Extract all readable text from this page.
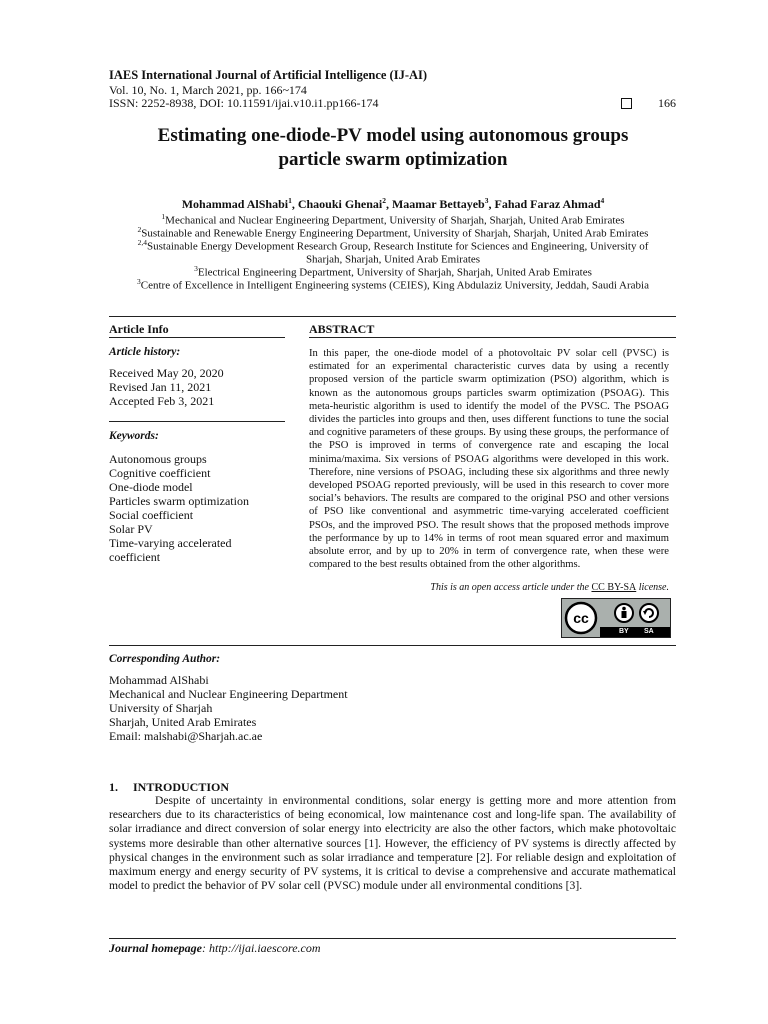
IAES International Journal of Artificial Intelligence (IJ-AI)
Vol. 10, No. 1, March 2021, pp. 166~174
ISSN: 2252-8938, DOI: 10.11591/ijai.v10.i1.pp166-174	166
Estimating one-diode-PV model using autonomous groups
particle swarm optimization
Mohammad AlShabi$^1$, Chaouki Ghenai$^2$, Maamar Bettayeb$^3$, Fahad Faraz Ahmad$^4$
$^1$Mechanical and Nuclear Engineering Department, University of Sharjah, Sharjah, United Arab Emirates
$^2$Sustainable and Renewable Energy Engineering Department, University of Sharjah, Sharjah, United Arab Emirates
$^{2,4}$Sustainable Energy Development Research Group, Research Institute for Sciences and Engineering, University of
Sharjah, Sharjah, United Arab Emirates
$^3$Electrical Engineering Department, University of Sharjah, Sharjah, United Arab Emirates
$^3$Centre of Excellence in Intelligent Engineering systems (CEIES), King Abdulaziz University, Jeddah, Saudi Arabia
Article Info	ABSTRACT
Article history:
Received May 20, 2020
Revised Jan 11, 2021
Accepted Feb 3, 2021
Keywords:
Autonomous groups
Cognitive coefficient
One-diode model
Particles swarm optimization
Social coefficient
Solar PV
Time-varying accelerated
coefficient
In this paper, the one-diode model of a photovoltaic PV solar cell (PVSC) is estimated for an experimental characteristic curves data by using a recently proposed version of the particle swarm optimization (PSO) algorithm, which is known as the autonomous groups particles swarm optimization (PSOAG). This meta-heuristic algorithm is used to identify the model of the PVSC. The PSOAG divides the particles into groups and then, uses different functions to tune the social and cognitive parameters of these groups. By using these groups, the performance of the PSO is improved in terms of convergence rate and escaping the local minima/maxima. Six versions of PSOAG algorithms were developed in this work. Therefore, nine versions of PSOAG, including these six algorithms and three newly developed PSOAG reported previously, will be used in this research to cover more social’s behaviors. The results are compared to the original PSO and other versions of PSO like conventional and asymmetric time-varying accelerated coefficient PSOs, and the improved PSO. The result shows that the proposed methods improve the performance by up to 14% in terms of root mean squared error and maximum absolute error, and by up to 20% in term of convergence rate, when these were compared to the best results obtained from the other algorithms.
This is an open access article under the CC BY-SA license.
cc
BY SA
Corresponding Author:
Mohammad AlShabi
Mechanical and Nuclear Engineering Department
University of Sharjah
Sharjah, United Arab Emirates
Email: malshabi@Sharjah.ac.ae
1.     INTRODUCTION
Despite of uncertainty in environmental conditions, solar energy is getting more and more attention from researchers due to its characteristics of being economical, low maintenance cost and long-life span. The availability of solar irradiance and direct conversion of solar energy into electricity are also the other factors, which make photovoltaic systems more desirable than other alternative sources [1]. However, the efficiency of PV systems is directly affected by physical changes in the environment such as solar irradiance and temperature [2]. For reliable design and exploitation of maximum energy and energy security of PV systems, it is critical to devise a comprehensive and accurate mathematical model to predict the behavior of PV solar cell (PVSC) module under all environmental conditions [3].
Journal homepage: http://ijai.iaescore.com
